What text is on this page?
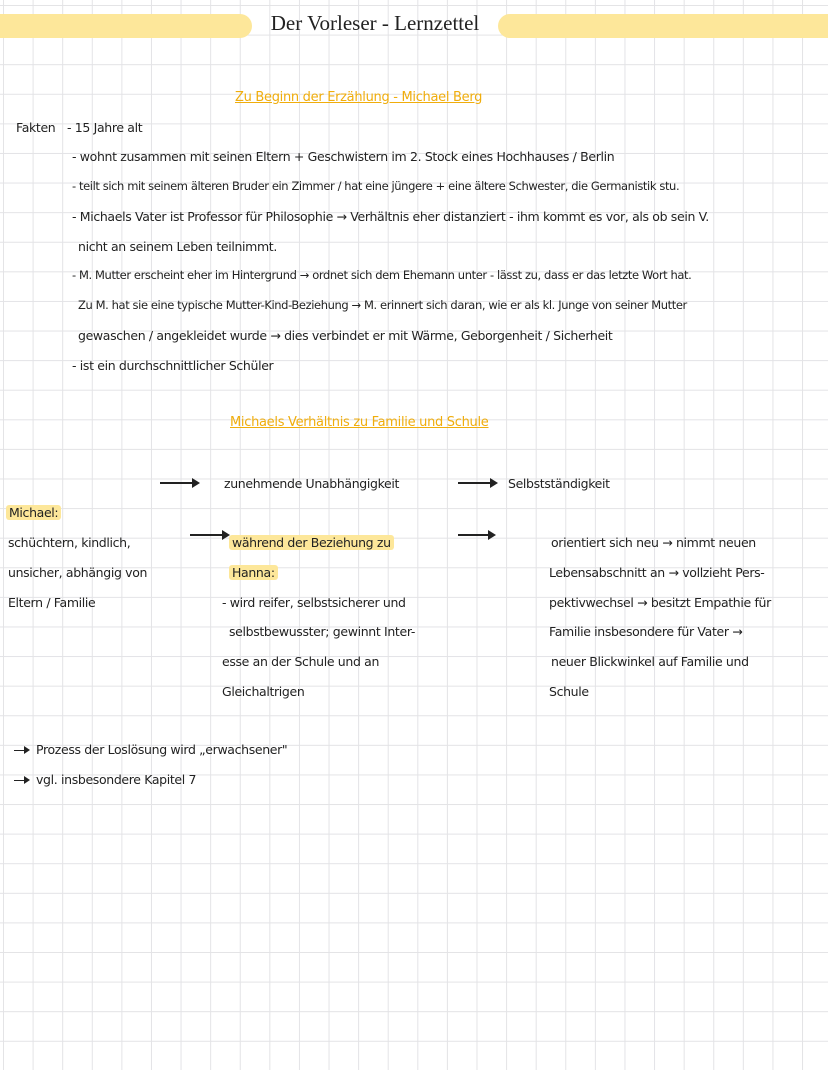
Der Vorleser - Lernzettel
Zu Beginn der Erzählung - Michael Berg
Fakten - 15 Jahre alt
- wohnt zusammen mit seinen Eltern + Geschwistern im 2. Stock eines Hochhauses / Berlin
- teilt sich mit seinem älteren Bruder ein Zimmer / hat eine jüngere + eine ältere Schwester, die Germanistik stu.
- Michaels Vater ist Professor für Philosophie → Verhältnis eher distanziert - ihm kommt es vor, als ob sein V.
nicht an seinem Leben teilnimmt.
- M. Mutter erscheint eher im Hintergrund → ordnet sich dem Ehemann unter - lässt zu, dass er das letzte Wort hat.
Zu M. hat sie eine typische Mutter-Kind-Beziehung → M. erinnert sich daran, wie er als kl. Junge von seiner Mutter
gewaschen / angekleidet wurde → dies verbindet er mit Wärme, Geborgenheit / Sicherheit
- ist ein durchschnittlicher Schüler
Michaels Verhältnis zu Familie und Schule
zunehmende Unabhängigkeit	Selbstständigkeit
Michael:
schüchtern, kindlich,
unsicher, abhängig von
Eltern / Familie
während der Beziehung zu
Hanna:
- wird reifer, selbstsicherer und
selbstbewusster; gewinnt Inter-
esse an der Schule und an
Gleichaltrigen
orientiert sich neu → nimmt neuen
Lebensabschnitt an → vollzieht Pers-
pektivwechsel → besitzt Empathie für
Familie insbesondere für Vater →
neuer Blickwinkel auf Familie und
Schule
Prozess der Loslösung wird „erwachsener"
vgl. insbesondere Kapitel 7
